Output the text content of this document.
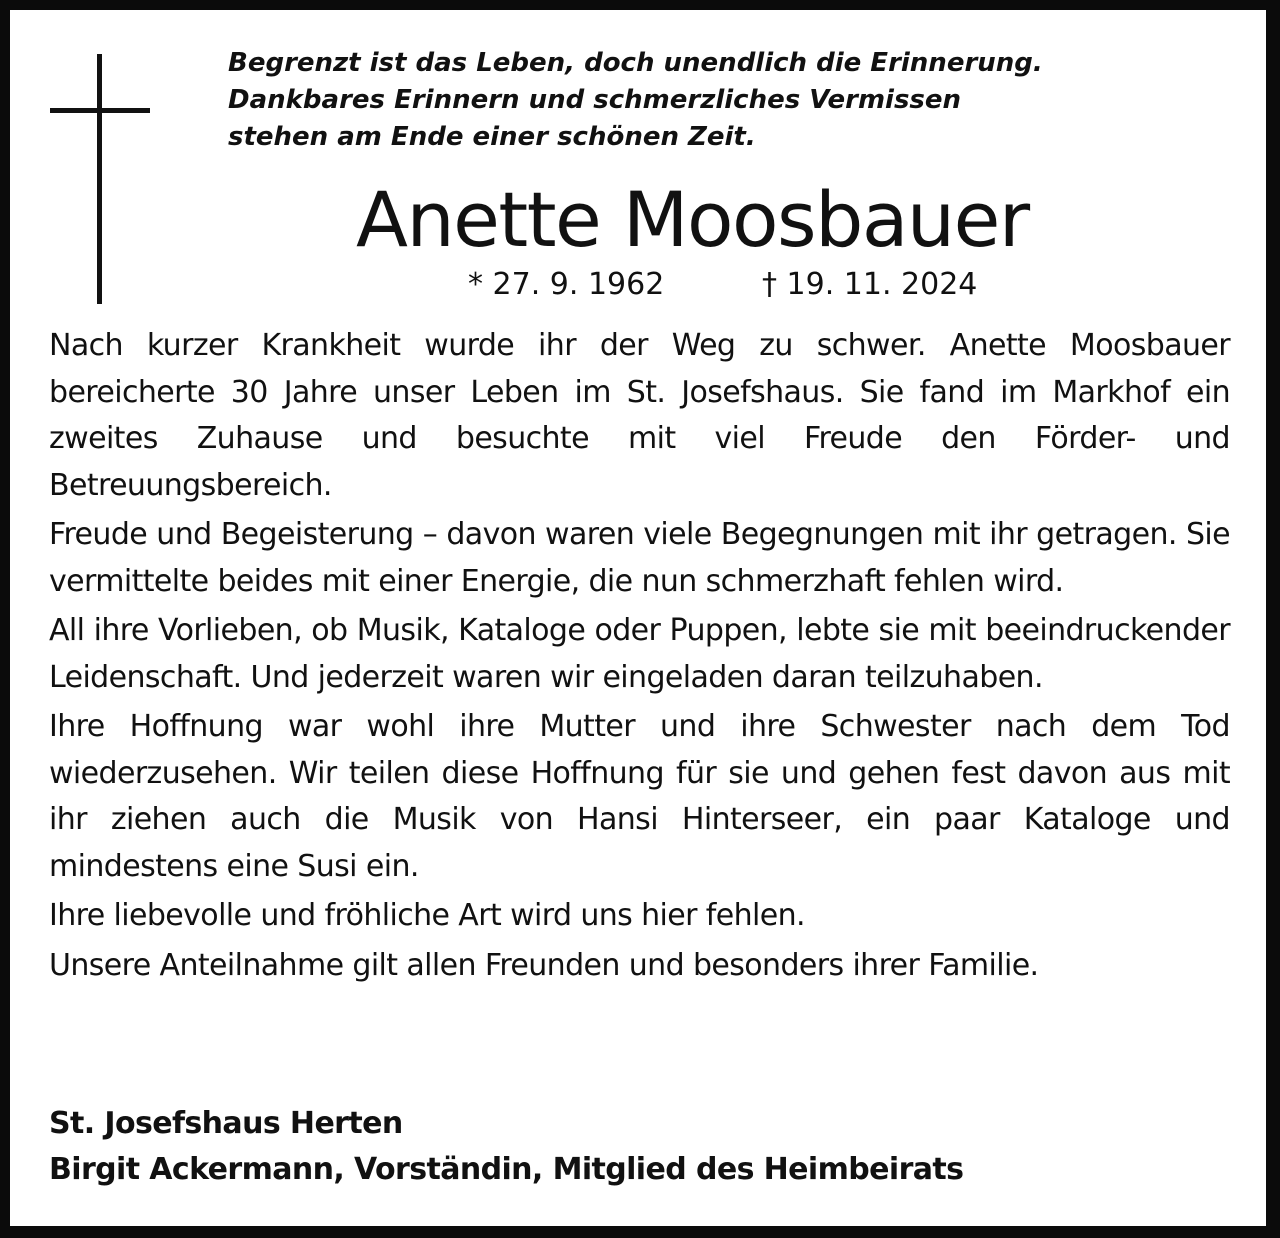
Begrenzt ist das Leben, doch unendlich die Erinnerung.
Dankbares Erinnern und schmerzliches Vermissen
stehen am Ende einer schönen Zeit.
Anette Moosbauer
* 27. 9. 1962	† 19. 11. 2024

Nach kurzer Krankheit wurde ihr der Weg zu schwer. Anette Moosbauer bereicherte 30 Jahre unser Leben im St. Josefshaus. Sie fand im Markhof ein zweites Zuhause und besuchte mit viel Freude den Förder- und Betreuungsbereich.

Freude und Begeisterung – davon waren viele Begegnungen mit ihr getragen. Sie vermittelte beides mit einer Energie, die nun schmerzhaft fehlen wird.

All ihre Vorlieben, ob Musik, Kataloge oder Puppen, lebte sie mit beeindruckender Leidenschaft. Und jederzeit waren wir eingeladen daran teilzuhaben.

Ihre Hoffnung war wohl ihre Mutter und ihre Schwester nach dem Tod wiederzusehen. Wir teilen diese Hoffnung für sie und gehen fest davon aus mit ihr ziehen auch die Musik von Hansi Hinterseer, ein paar Kataloge und mindestens eine Susi ein.

Ihre liebevolle und fröhliche Art wird uns hier fehlen.

Unsere Anteilnahme gilt allen Freunden und besonders ihrer Familie.

St. Josefshaus Herten
Birgit Ackermann, Vorständin, Mitglied des Heimbeirats
